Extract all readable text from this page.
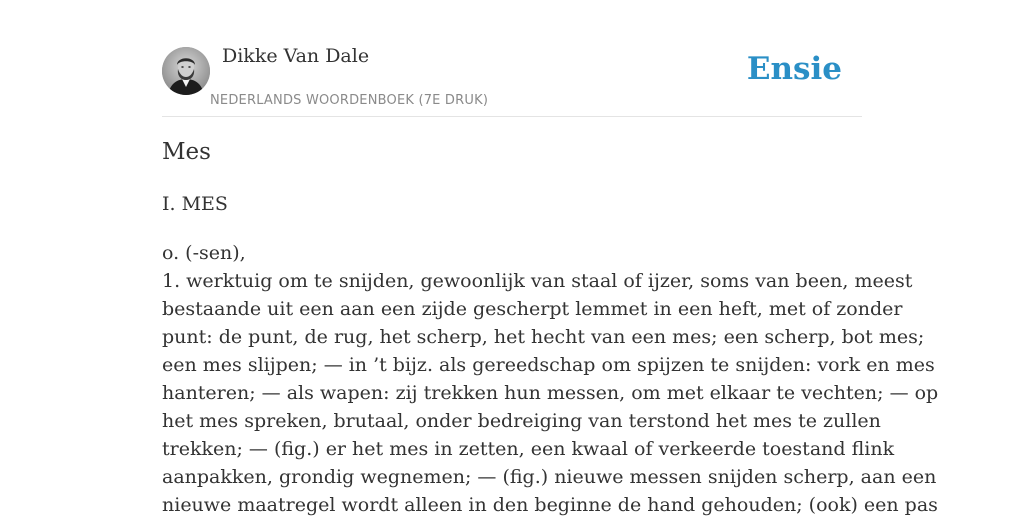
Dikke Van Dale
NEDERLANDS WOORDENBOEK (7E DRUK)
Ensie
Mes
I. MES
o. (-sen),
1. werktuig om te snijden, gewoonlijk van staal of ijzer, soms van been, meest
bestaande uit een aan een zijde gescherpt lemmet in een heft, met of zonder
punt: de punt, de rug, het scherp, het hecht van een mes; een scherp, bot mes;
een mes slijpen; — in ’t bijz. als gereedschap om spijzen te snijden: vork en mes
hanteren; — als wapen: zij trekken hun messen, om met elkaar te vechten; — op
het mes spreken, brutaal, onder bedreiging van terstond het mes te zullen
trekken; — (fig.) er het mes in zetten, een kwaal of verkeerde toestand flink
aanpakken, grondig wegnemen; — (fig.) nieuwe messen snijden scherp, aan een
nieuwe maatregel wordt alleen in den beginne de hand gehouden; (ook) een pas
